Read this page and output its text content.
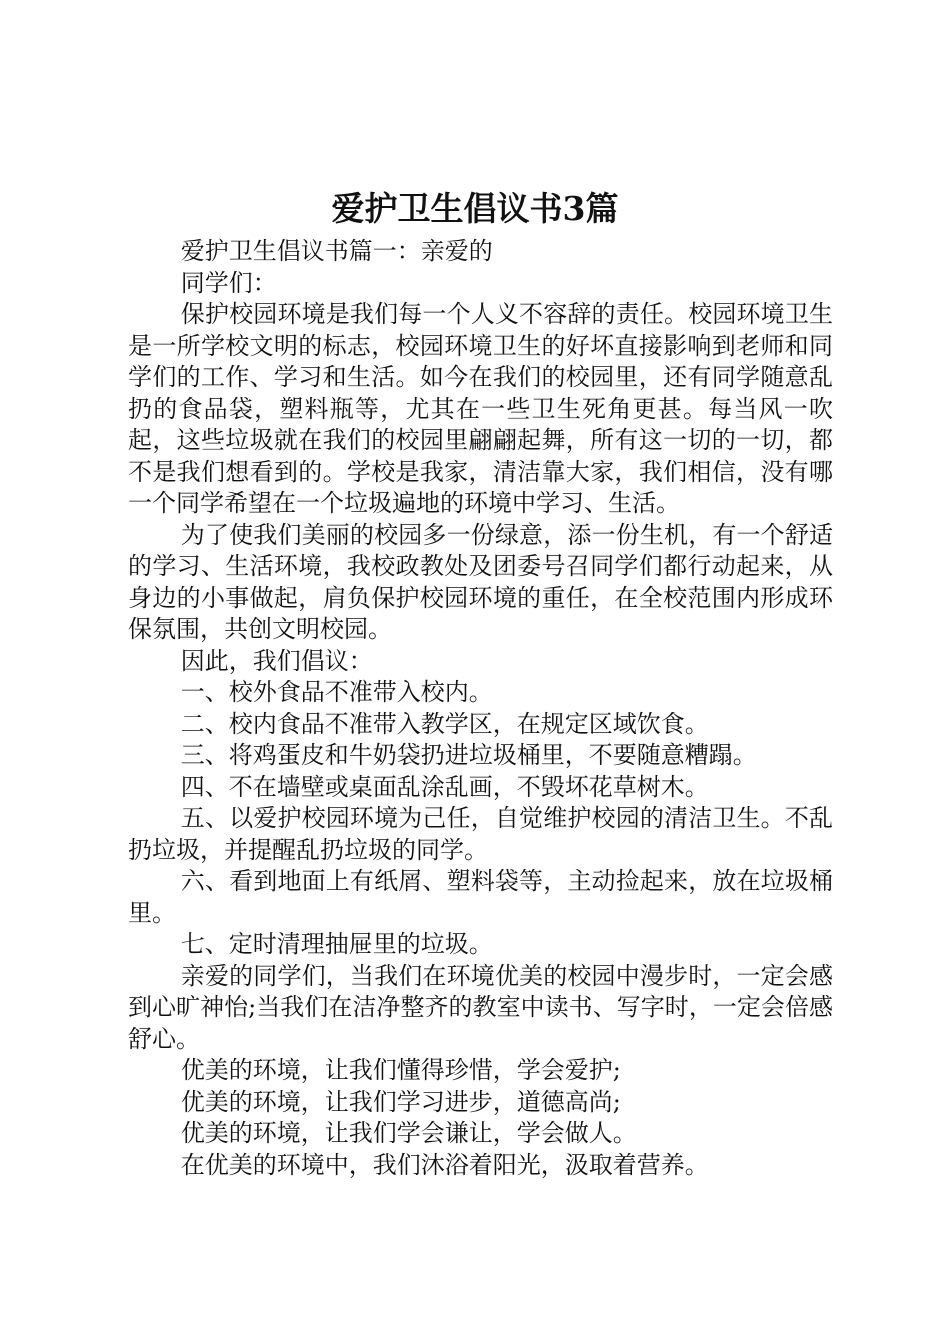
爱护卫生倡议书3篇

爱护卫生倡议书篇一：亲爱的

同学们：

保护校园环境是我们每一个人义不容辞的责任。校园环境卫生是一所学校文明的标志，校园环境卫生的好坏直接影响到老师和同学们的工作、学习和生活。如今在我们的校园里，还有同学随意乱扔的食品袋，塑料瓶等，尤其在一些卫生死角更甚。每当风一吹起，这些垃圾就在我们的校园里翩翩起舞，所有这一切的一切，都不是我们想看到的。学校是我家，清洁靠大家，我们相信，没有哪一个同学希望在一个垃圾遍地的环境中学习、生活。

为了使我们美丽的校园多一份绿意，添一份生机，有一个舒适的学习、生活环境，我校政教处及团委号召同学们都行动起来，从身边的小事做起，肩负保护校园环境的重任，在全校范围内形成环保氛围，共创文明校园。

因此，我们倡议：

一、校外食品不准带入校内。

二、校内食品不准带入教学区，在规定区域饮食。

三、将鸡蛋皮和牛奶袋扔进垃圾桶里，不要随意糟蹋。

四、不在墙壁或桌面乱涂乱画，不毁坏花草树木。

五、以爱护校园环境为己任，自觉维护校园的清洁卫生。不乱扔垃圾，并提醒乱扔垃圾的同学。

六、看到地面上有纸屑、塑料袋等，主动捡起来，放在垃圾桶里。

七、定时清理抽屉里的垃圾。

亲爱的同学们，当我们在环境优美的校园中漫步时，一定会感到心旷神怡;当我们在洁净整齐的教室中读书、写字时，一定会倍感舒心。

优美的环境，让我们懂得珍惜，学会爱护;

优美的环境，让我们学习进步，道德高尚;

优美的环境，让我们学会谦让，学会做人。

在优美的环境中，我们沐浴着阳光，汲取着营养。
